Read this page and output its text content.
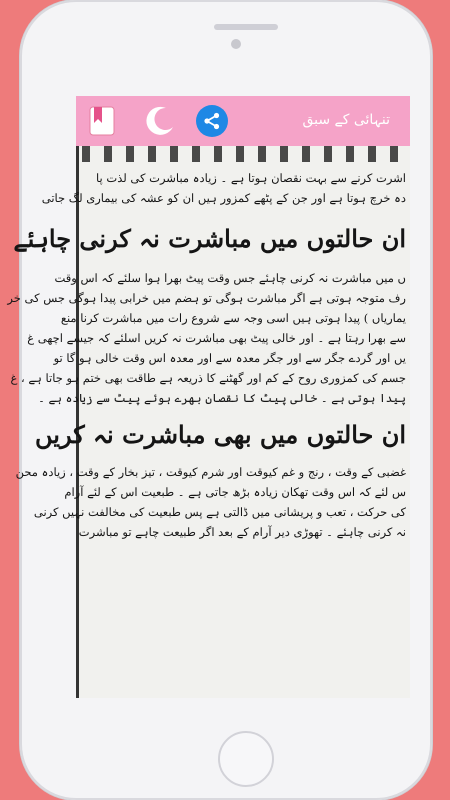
تنہائی کے سبق
اشرت کرنے سے بہت نقصان ہوتا ہے ۔ زیادہ مباشرت کی لذت پا
دہ خرچ ہوتا ہے اور جن کے پٹھے کمزور ہیں ان کو عشہ کی بیماری لگ جاتی
ان حالتوں میں مباشرت نہ کرنی چاہئے
ں میں مباشرت نہ کرنی چاہئے جس وقت پیٹ بھرا ہوا سلئے کہ اس وقت
رف متوجہ ہوتی ہے اگر مباشرت ہوگی تو ہضم میں خرابی پیدا ہوگی جس کی خر
یماریاں ) پیدا ہوتی ہیں اسی وجہ سے شروع رات میں مباشرت کرنا منع
سے بھرا رہتا ہے ۔ اور خالی پیٹ بھی مباشرت نہ کریں اسلئے کہ جیسے اچھی غ
یں اور گردے جگر سے اور جگر معدہ سے اور معدہ اس وقت خالی ہو گا تو
جسم کی کمزوری روح کے کم اور گھٹنے کا ذریعہ ہے طاقت بھی ختم ہو جاتا ہے ، غ
پیدا ہوتی ہے ۔ خالی پیٹ کا نقصان بھرے ہوئے پیٹ سے زیادہ ہے ۔
ان حالتوں میں بھی مباشرت نہ کریں
غضبی کے وقت ، رنج و غم کیوقت اور شرم کیوقت ، تیز بخار کے وقت ، زیادہ محن
س لئے کہ اس وقت تھکان زیادہ بڑھ جاتی ہے ۔ طبعیت اس کے لئے آرام
کی حرکت ، تعب و پریشانی میں ڈالتی ہے پس طبعیت کی مخالفت نہیں کرنی
نہ کرنی چاہئے ۔ تھوڑی دیر آرام کے بعد اگر طبیعت چاہے تو مباشرت
